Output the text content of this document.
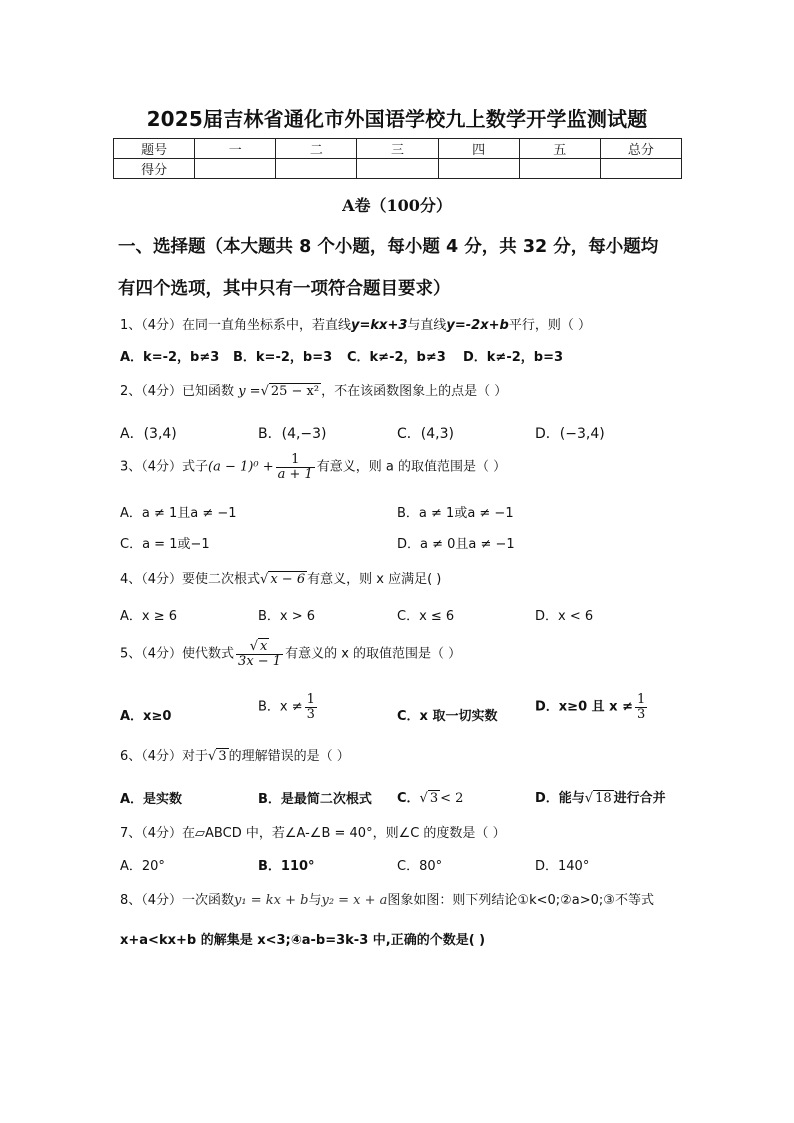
2025届吉林省通化市外国语学校九上数学开学监测试题
题号	一	二	三	四	五	总分
得分						
A卷（100分）
一、选择题（本大题共 8 个小题，每小题 4 分，共 32 分，每小题均
有四个选项，其中只有一项符合题目要求）
1、（4分）在同一直角坐标系中，若直线y=kx+3与直线y=-2x+b平行，则（ ）
A．k=-2，b≠3 B．k=-2，b=3 C．k≠-2，b≠3 D．k≠-2，b=3
2、（4分）已知函数 y =√ 25 − x² ，不在该函数图象上的点是（ ）
A．(3,4)	B．(4,−3)	C．(4,3)	D．(−3,4)
3、（4分）式子$(a - 1)^0 + \frac{1}{a + 1}$ 有意义，则 a 的取值范围是（ ）
A．a ≠ 1且a ≠ −1	B．a ≠ 1或a ≠ −1
C．a = 1或−1	D．a ≠ 0且a ≠ −1
4、（4分）要使二次根式√ x − 6 有意义，则 x 应满足( )
A．x ≥ 6	B．x > 6	C．x ≤ 6	D．x < 6
5、（4分）使代数式 $\frac{√ x}{3x - 1}$ 有意义的 x 的取值范围是（ ）
A．x≥0
B．$x \ne \frac{1}{3}$	C．x 取一切实数
D．x≥0 且 $x \ne \frac{1}{3}$
6、（4分）对于√ 3 的理解错误的是（ ）
A．是实数	B．是最简二次根式 C．√ 3 < 2	D．能与√ 18 进行合并
7、（4分）在▱ABCD 中，若∠A-∠B = 40°，则∠C 的度数是（ ）
A．20°	B．110°	C．80°	D．140°
8、（4分）一次函数y₁ = kx + b与y₂ = x + a图象如图：则下列结论①k<0;②a>0;③不等式
x+a<kx+b 的解集是 x<3;④a-b=3k-3 中,正确的个数是( )
